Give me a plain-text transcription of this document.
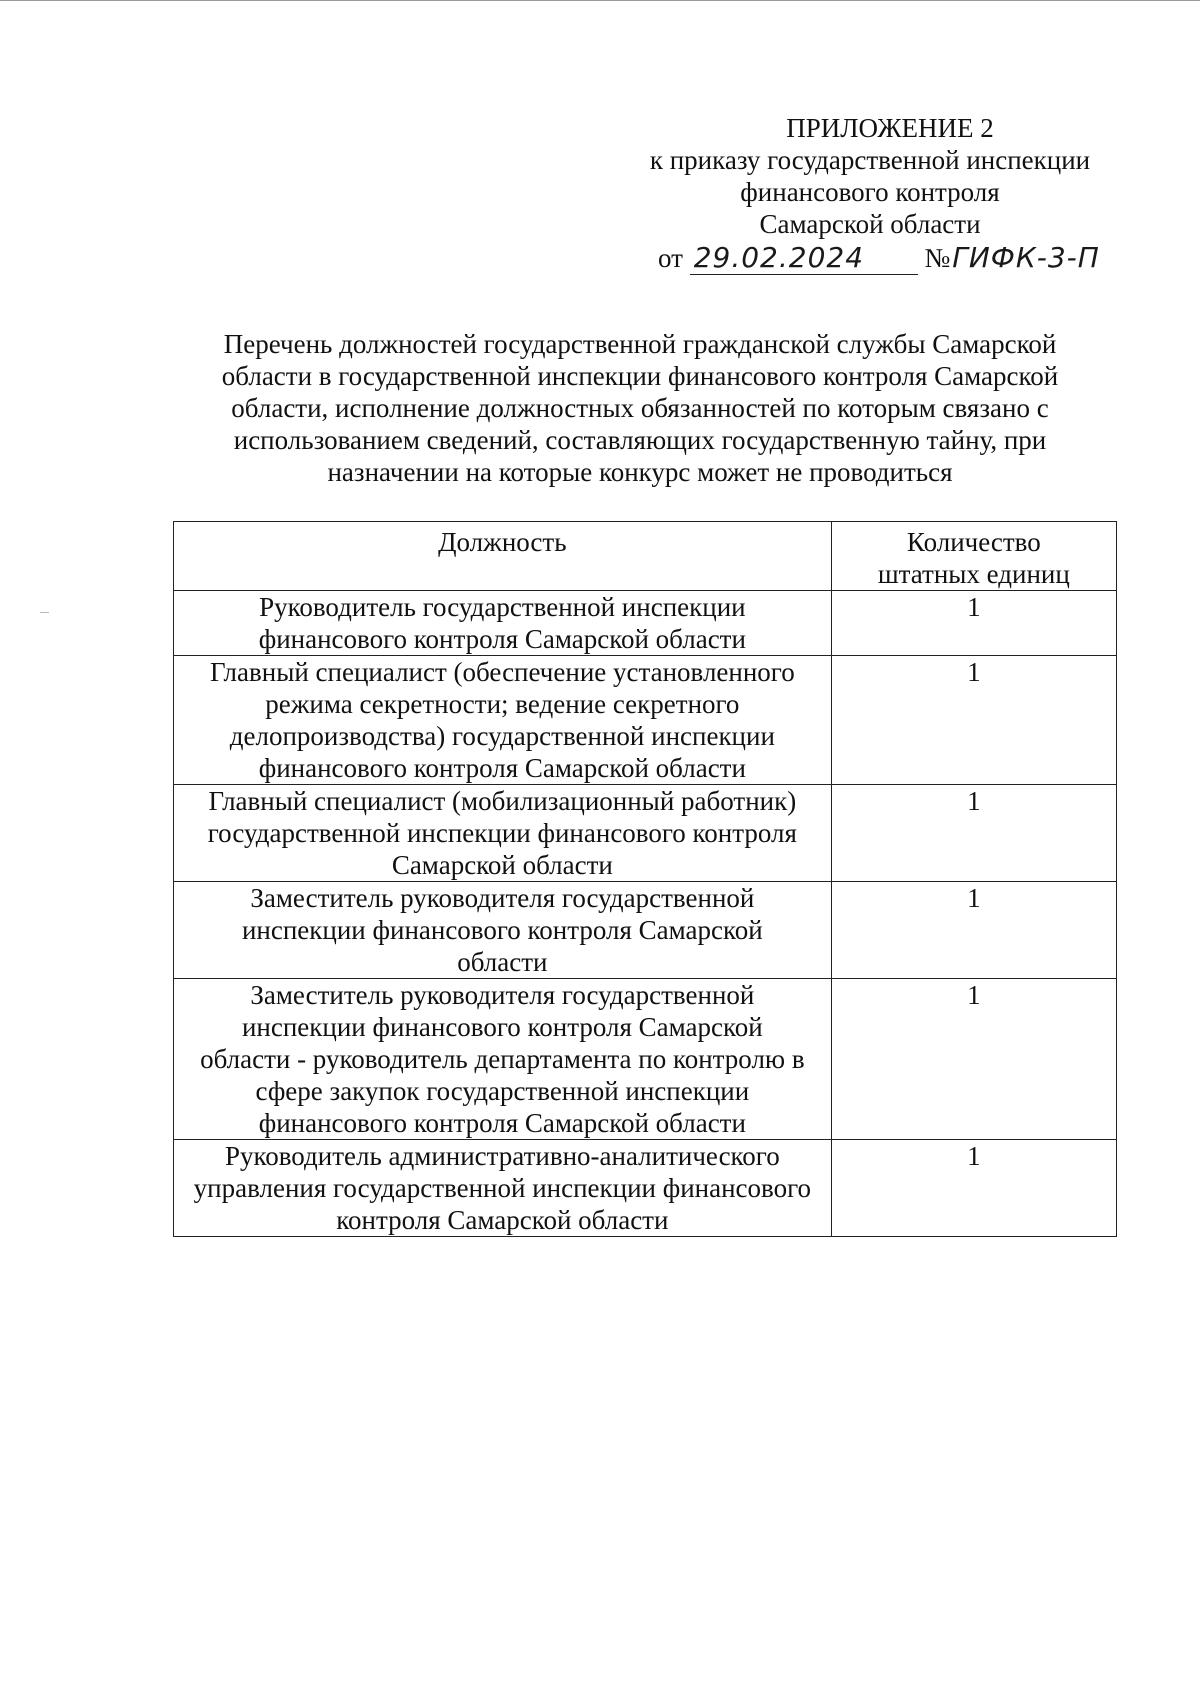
ПРИЛОЖЕНИЕ 2
к приказу государственной инспекции
финансового контроля
Самарской области
от 29.02.2024 №ГИФК-3-П
Перечень должностей государственной гражданской службы Самарской
области в государственной инспекции финансового контроля Самарской
области, исполнение должностных обязанностей по которым связано с
использованием сведений, составляющих государственную тайну, при
назначении на которые конкурс может не проводиться
Должность	Количество
штатных единиц

Руководитель государственной инспекции
финансового контроля Самарской области	1

Главный специалист (обеспечение установленного
режима секретности; ведение секретного
делопроизводства) государственной инспекции
финансового контроля Самарской области	1

Главный специалист (мобилизационный работник)
государственной инспекции финансового контроля
Самарской области	1

Заместитель руководителя государственной
инспекции финансового контроля Самарской
области	1

Заместитель руководителя государственной
инспекции финансового контроля Самарской
области - руководитель департамента по контролю в
сфере закупок государственной инспекции
финансового контроля Самарской области	1

Руководитель административно-аналитического
управления государственной инспекции финансового
контроля Самарской области	1
